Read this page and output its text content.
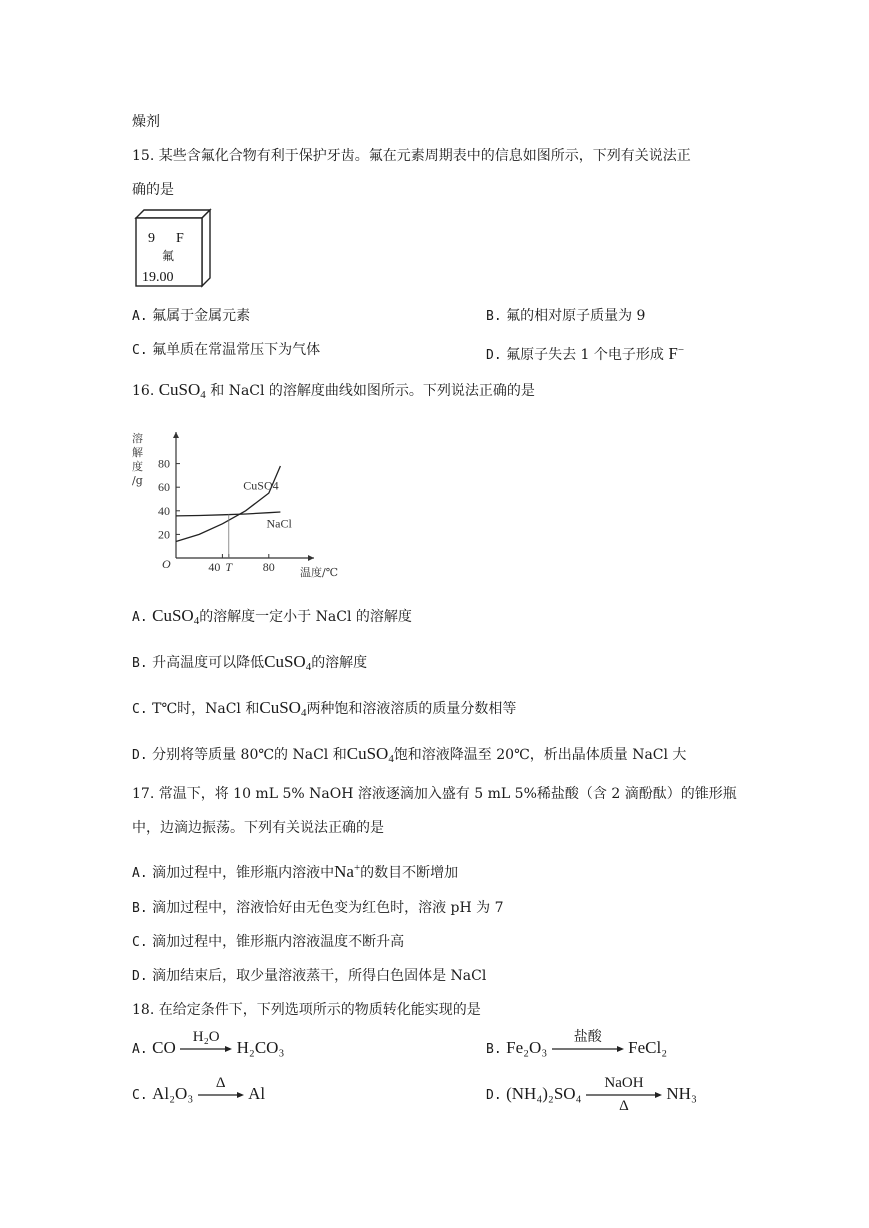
燥剂
15. 某些含氟化合物有利于保护牙齿。氟在元素周期表中的信息如图所示，下列有关说法正
确的是
9 F
氟
19.00
A. 氟属于金属元素	B. 氟的相对原子质量为 9
C. 氟单质在常温常压下为气体	D. 氟原子失去 1 个电子形成 F−
16. CuSO$_4$ 和 NaCl 的溶解度曲线如图所示。下列说法正确的是
溶
解
度
/g
温度/℃
O
20
40
60
80
40 T	80
CuSO4
NaCl
A. CuSO$_4$的溶解度一定小于 NaCl 的溶解度
B. 升高温度可以降低CuSO$_4$的溶解度
C. T℃时，NaCl 和CuSO$_4$两种饱和溶液溶质的质量分数相等
D. 分别将等质量 80℃的 NaCl 和CuSO$_4$饱和溶液降温至 20℃，析出晶体质量 NaCl 大
17. 常温下，将 10 mL 5% NaOH 溶液逐滴加入盛有 5 mL 5%稀盐酸（含 2 滴酚酞）的锥形瓶
中，边滴边振荡。下列有关说法正确的是
A. 滴加过程中，锥形瓶内溶液中Na+的数目不断增加
B. 滴加过程中，溶液恰好由无色变为红色时，溶液 pH 为 7
C. 滴加过程中，锥形瓶内溶液温度不断升高
D. 滴加结束后，取少量溶液蒸干，所得白色固体是 NaCl
18. 在给定条件下，下列选项所示的物质转化能实现的是
A. CO
H₂O
H₂CO₃	B. Fe₂O₃
盐酸
FeCl₂
C. Al₂O₃
Δ
Al	D. (NH₄)₂SO₄
NaOH
Δ
NH₃
